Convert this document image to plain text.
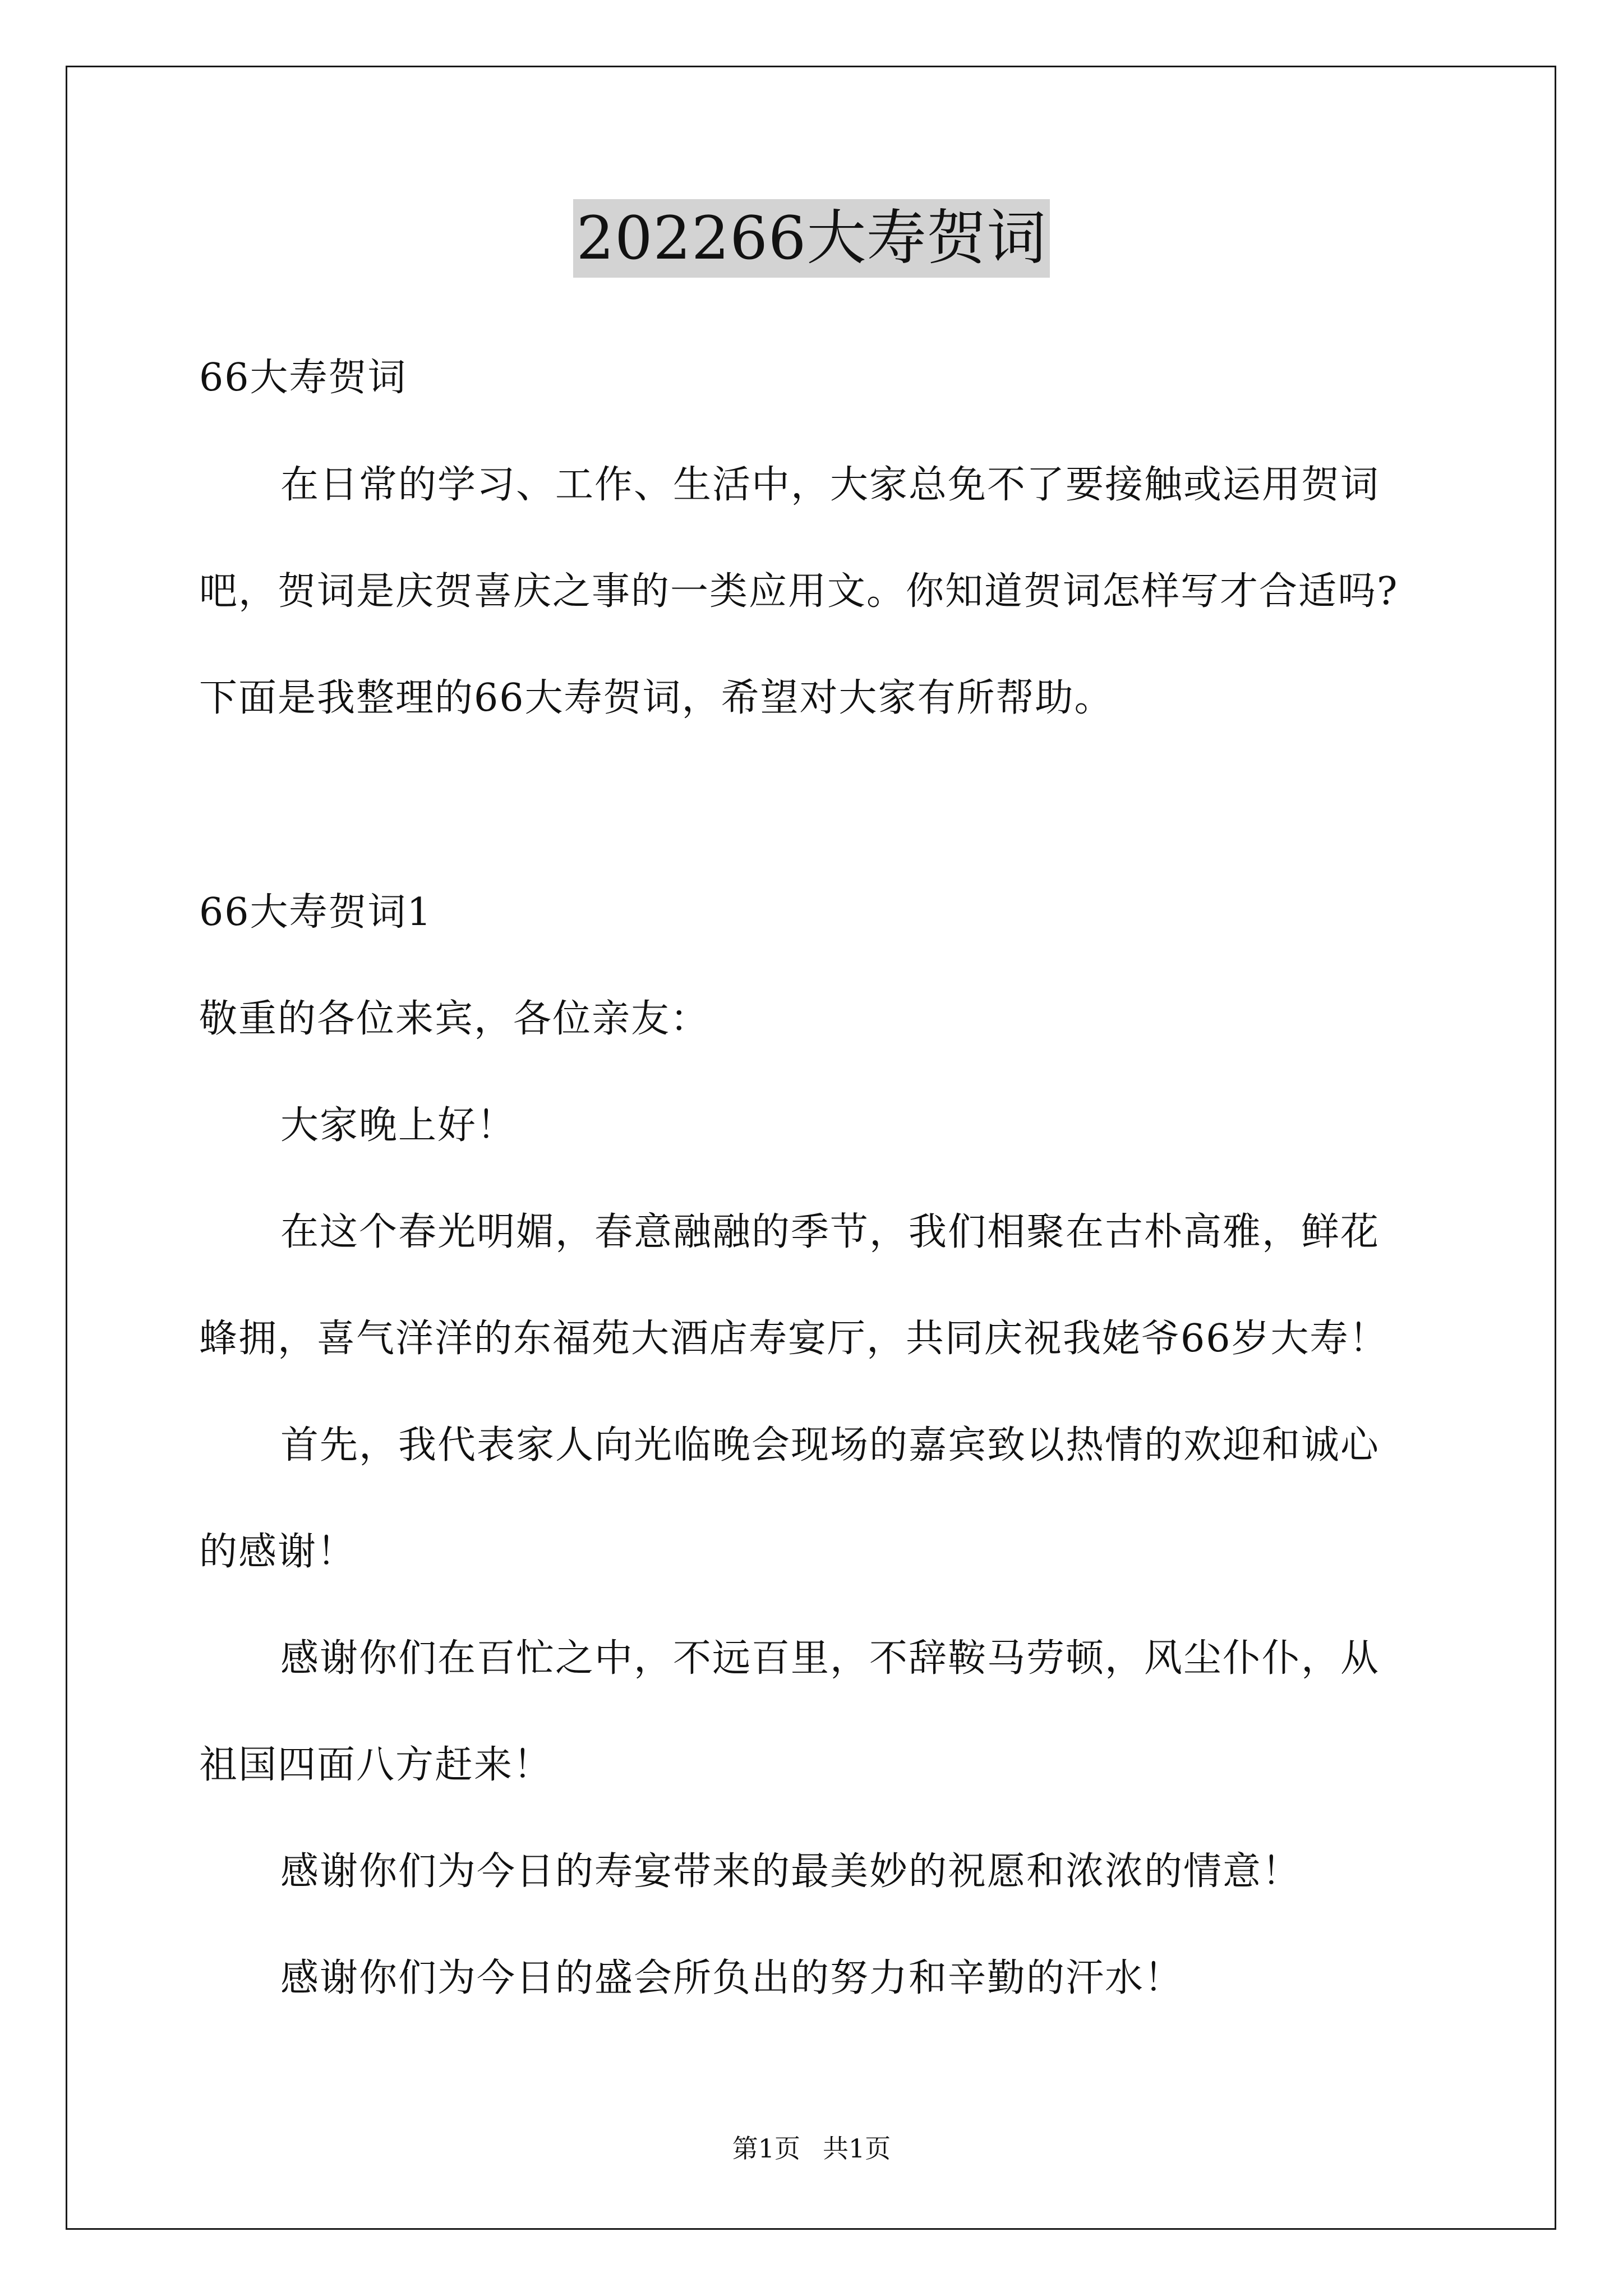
202266大寿贺词
66大寿贺词
在日常的学习、工作、生活中，大家总免不了要接触或运用贺词
吧，贺词是庆贺喜庆之事的一类应用文。你知道贺词怎样写才合适吗?
下面是我整理的66大寿贺词，希望对大家有所帮助。
66大寿贺词1
敬重的各位来宾，各位亲友：
大家晚上好！
在这个春光明媚，春意融融的季节，我们相聚在古朴高雅，鲜花
蜂拥，喜气洋洋的东福苑大酒店寿宴厅，共同庆祝我姥爷66岁大寿！
首先，我代表家人向光临晚会现场的嘉宾致以热情的欢迎和诚心
的感谢！
感谢你们在百忙之中，不远百里，不辞鞍马劳顿，风尘仆仆，从
祖国四面八方赶来！
感谢你们为今日的寿宴带来的最美妙的祝愿和浓浓的情意！
感谢你们为今日的盛会所负出的努力和辛勤的汗水！
第1页 共1页
